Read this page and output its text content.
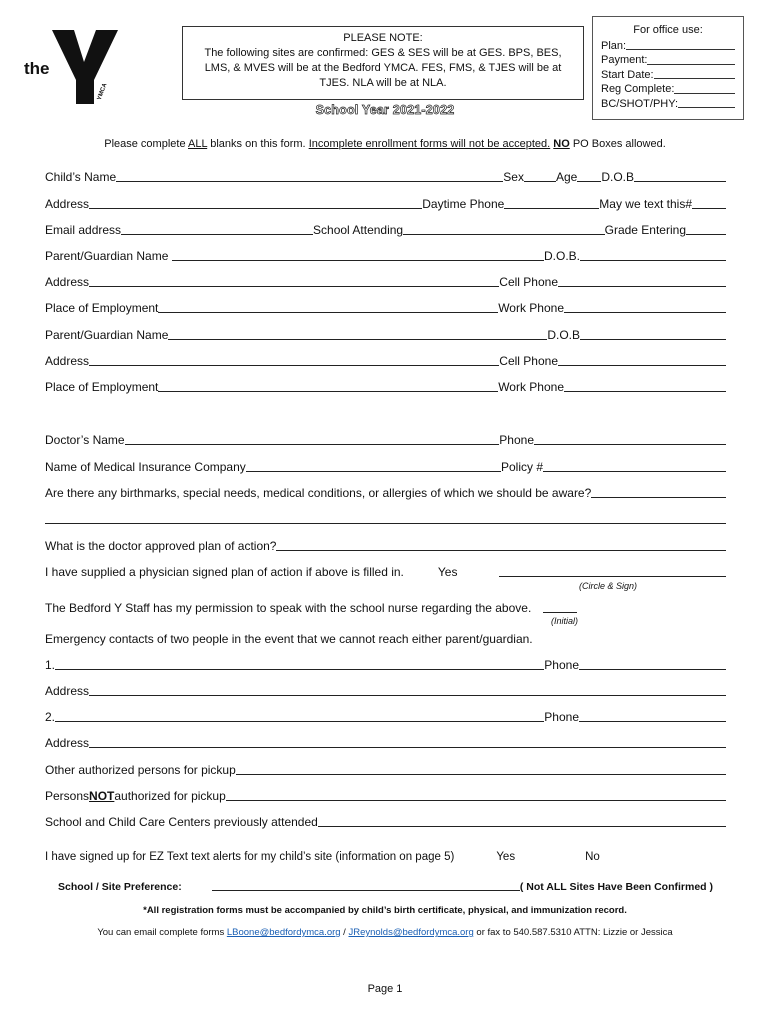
the
YMCA
PLEASE NOTE:
The following sites are confirmed: GES & SES will be at GES. BPS, BES,
LMS, & MVES will be at the Bedford YMCA. FES, FMS, & TJES will be at
TJES. NLA will be at NLA.
For office use:
Plan:
Payment:
Start Date:
Reg Complete:
BC/SHOT/PHY:
School Year 2021-2022
Please complete ALL blanks on this form. Incomplete enrollment forms will not be accepted. NO PO Boxes allowed.
Child’s Name	Sex	Age D.O.B
Address	Daytime Phone	May we text this#
Email address	School Attending	Grade Entering
Parent/Guardian Name	D.O.B.
Address	Cell Phone
Place of Employment	Work Phone
Parent/Guardian Name	D.O.B
Address	Cell Phone
Place of Employment	Work Phone
Doctor’s Name	Phone
Name of Medical Insurance Company	Policy #
Are there any birthmarks, special needs, medical conditions, or allergies of which we should be aware?
What is the doctor approved plan of action?
I have supplied a physician signed plan of action if above is filled in.	Yes
(Circle & Sign)
The Bedford Y Staff has my permission to speak with the school nurse regarding the above.
(Initial)
Emergency contacts of two people in the event that we cannot reach either parent/guardian.
1.	Phone
Address
2.	Phone
Address
Other authorized persons for pickup
Persons NOT authorized for pickup
School and Child Care Centers previously attended
I have signed up for EZ Text text alerts for my child’s site (information on page 5)	Yes	No
School / Site Preference:	( Not ALL Sites Have Been Confirmed )
*All registration forms must be accompanied by child’s birth certificate, physical, and immunization record.
You can email complete forms LBoone@bedfordymca.org / JReynolds@bedfordymca.org or fax to 540.587.5310 ATTN: Lizzie or Jessica
Page 1
